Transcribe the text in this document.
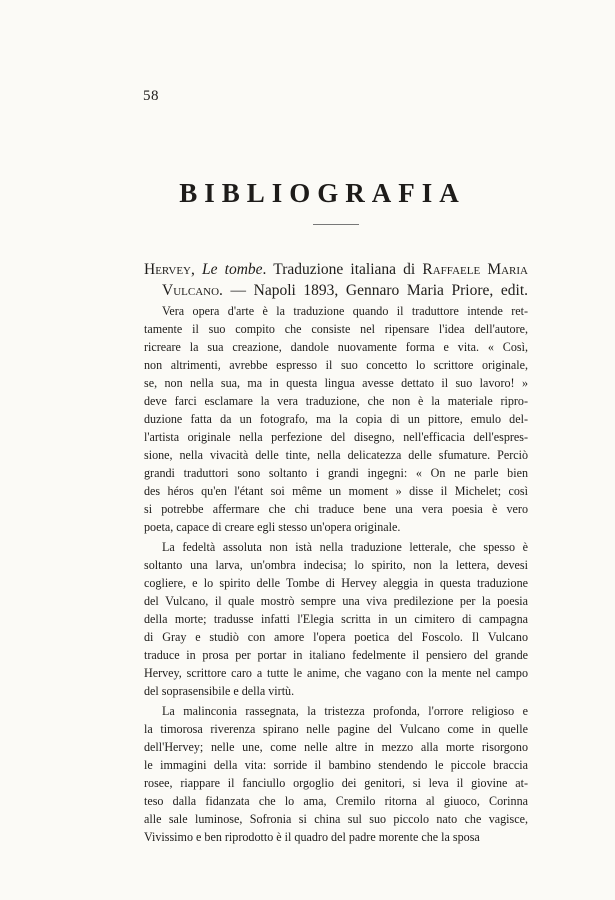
58
BIBLIOGRAFIA
Hervey, Le tombe. Traduzione italiana di Raffaele Maria
Vulcano. — Napoli 1893, Gennaro Maria Priore, edit.

Vera opera d'arte è la traduzione quando il traduttore intende ret-
tamente il suo compito che consiste nel ripensare l'idea dell'autore,
ricreare la sua creazione, dandole nuovamente forma e vita. « Così,
non altrimenti, avrebbe espresso il suo concetto lo scrittore originale,
se, non nella sua, ma in questa lingua avesse dettato il suo lavoro! »
deve farci esclamare la vera traduzione, che non è la materiale ripro-
duzione fatta da un fotografo, ma la copia di un pittore, emulo del-
l'artista originale nella perfezione del disegno, nell'efficacia dell'espres-
sione, nella vivacità delle tinte, nella delicatezza delle sfumature. Perciò
grandi traduttori sono soltanto i grandi ingegni: « On ne parle bien
des héros qu'en l'étant soi même un moment » disse il Michelet; così
si potrebbe affermare che chi traduce bene una vera poesia è vero
poeta, capace di creare egli stesso un'opera originale.

La fedeltà assoluta non istà nella traduzione letterale, che spesso è
soltanto una larva, un'ombra indecisa; lo spirito, non la lettera, devesi
cogliere, e lo spirito delle Tombe di Hervey aleggia in questa traduzione
del Vulcano, il quale mostrò sempre una viva predilezione per la poesia
della morte; tradusse infatti l'Elegia scritta in un cimitero di campagna
di Gray e studiò con amore l'opera poetica del Foscolo. Il Vulcano
traduce in prosa per portar in italiano fedelmente il pensiero del grande
Hervey, scrittore caro a tutte le anime, che vagano con la mente nel campo
del soprasensibile e della virtù.

La malinconia rassegnata, la tristezza profonda, l'orrore religioso e
la timorosa riverenza spirano nelle pagine del Vulcano come in quelle
dell'Hervey; nelle une, come nelle altre in mezzo alla morte risorgono
le immagini della vita: sorride il bambino stendendo le piccole braccia
rosee, riappare il fanciullo orgoglio dei genitori, si leva il giovine at-
teso dalla fidanzata che lo ama, Cremilo ritorna al giuoco, Corinna
alle sale luminose, Sofronia si china sul suo piccolo nato che vagisce,
Vivissimo e ben riprodotto è il quadro del padre morente che la sposa
